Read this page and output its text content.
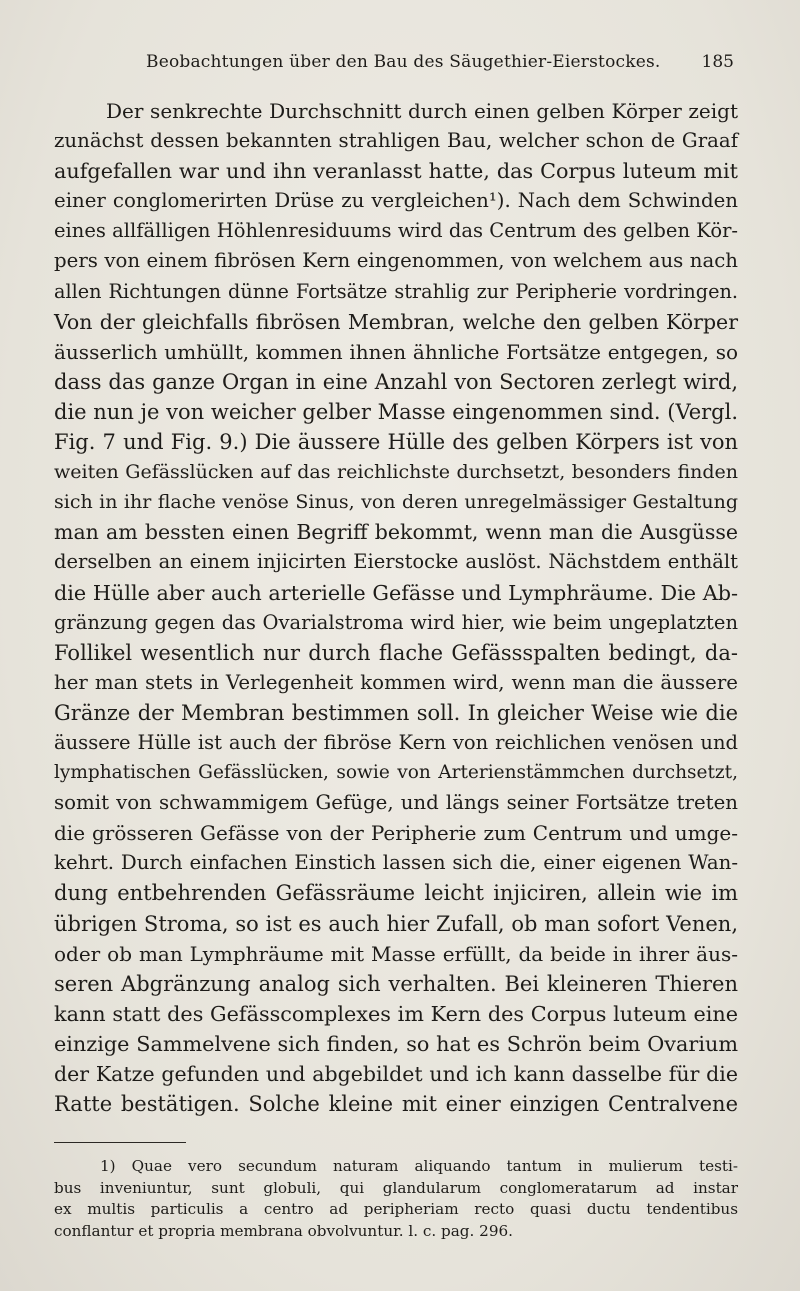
Beobachtungen über den Bau des Säugethier-Eierstockes. 185
Der senkrechte Durchschnitt durch einen gelben Körper zeigt
zunächst dessen bekannten strahligen Bau, welcher schon de Graaf
aufgefallen war und ihn veranlasst hatte, das Corpus luteum mit
einer conglomerirten Drüse zu vergleichen¹). Nach dem Schwinden
eines allfälligen Höhlenresiduums wird das Centrum des gelben Kör-
pers von einem fibrösen Kern eingenommen, von welchem aus nach
allen Richtungen dünne Fortsätze strahlig zur Peripherie vordringen.
Von der gleichfalls fibrösen Membran, welche den gelben Körper
äusserlich umhüllt, kommen ihnen ähnliche Fortsätze entgegen, so
dass das ganze Organ in eine Anzahl von Sectoren zerlegt wird,
die nun je von weicher gelber Masse eingenommen sind. (Vergl.
Fig. 7 und Fig. 9.) Die äussere Hülle des gelben Körpers ist von
weiten Gefässlücken auf das reichlichste durchsetzt, besonders finden
sich in ihr flache venöse Sinus, von deren unregelmässiger Gestaltung
man am bessten einen Begriff bekommt, wenn man die Ausgüsse
derselben an einem injicirten Eierstocke auslöst. Nächstdem enthält
die Hülle aber auch arterielle Gefässe und Lymphräume. Die Ab-
gränzung gegen das Ovarialstroma wird hier, wie beim ungeplatzten
Follikel wesentlich nur durch flache Gefässspalten bedingt, da-
her man stets in Verlegenheit kommen wird, wenn man die äussere
Gränze der Membran bestimmen soll. In gleicher Weise wie die
äussere Hülle ist auch der fibröse Kern von reichlichen venösen und
lymphatischen Gefässlücken, sowie von Arterienstämmchen durchsetzt,
somit von schwammigem Gefüge, und längs seiner Fortsätze treten
die grösseren Gefässe von der Peripherie zum Centrum und umge-
kehrt. Durch einfachen Einstich lassen sich die, einer eigenen Wan-
dung entbehrenden Gefässräume leicht injiciren, allein wie im
übrigen Stroma, so ist es auch hier Zufall, ob man sofort Venen,
oder ob man Lymphräume mit Masse erfüllt, da beide in ihrer äus-
seren Abgränzung analog sich verhalten. Bei kleineren Thieren
kann statt des Gefässcomplexes im Kern des Corpus luteum eine
einzige Sammelvene sich finden, so hat es Schrön beim Ovarium
der Katze gefunden und abgebildet und ich kann dasselbe für die
Ratte bestätigen. Solche kleine mit einer einzigen Centralvene
1) Quae vero secundum naturam aliquando tantum in mulierum testi-
bus inveniuntur, sunt globuli, qui glandularum conglomeratarum ad instar
ex multis particulis a centro ad peripheriam recto quasi ductu tendentibus
conflantur et propria membrana obvolvuntur. l. c. pag. 296.
